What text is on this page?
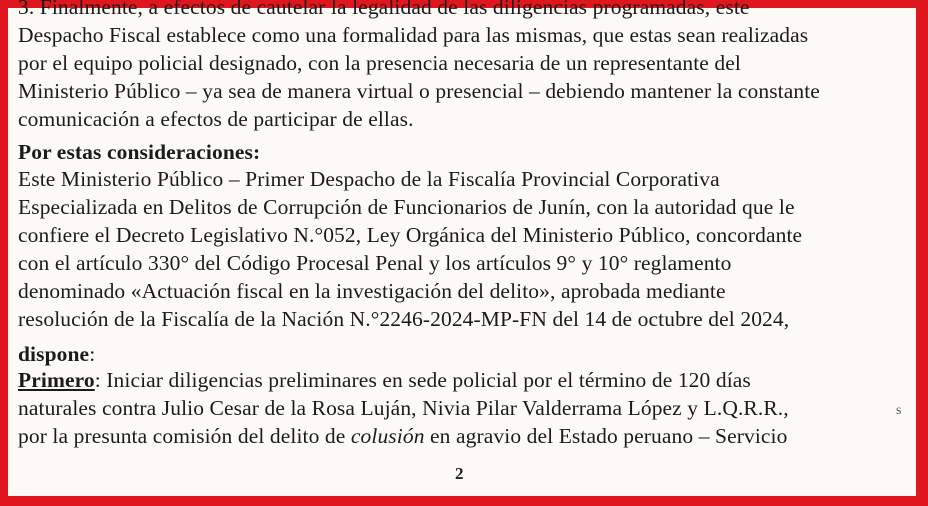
3. Finalmente, a efectos de cautelar la legalidad de las diligencias programadas, este
Despacho Fiscal establece como una formalidad para las mismas, que estas sean realizadas
por el equipo policial designado, con la presencia necesaria de un representante del
Ministerio Público – ya sea de manera virtual o presencial – debiendo mantener la constante
comunicación a efectos de participar de ellas.
Por estas consideraciones:
Este Ministerio Público – Primer Despacho de la Fiscalía Provincial Corporativa
Especializada en Delitos de Corrupción de Funcionarios de Junín, con la autoridad que le
confiere el Decreto Legislativo N.°052, Ley Orgánica del Ministerio Público, concordante
con el artículo 330° del Código Procesal Penal y los artículos 9° y 10° reglamento
denominado «Actuación fiscal en la investigación del delito», aprobada mediante
resolución de la Fiscalía de la Nación N.°2246-2024-MP-FN del 14 de octubre del 2024,
dispone:
Primero: Iniciar diligencias preliminares en sede policial por el término de 120 días
naturales contra Julio Cesar de la Rosa Luján, Nivia Pilar Valderrama López y L.Q.R.R.,
por la presunta comisión del delito de colusión en agravio del Estado peruano – Servicio
s
2
